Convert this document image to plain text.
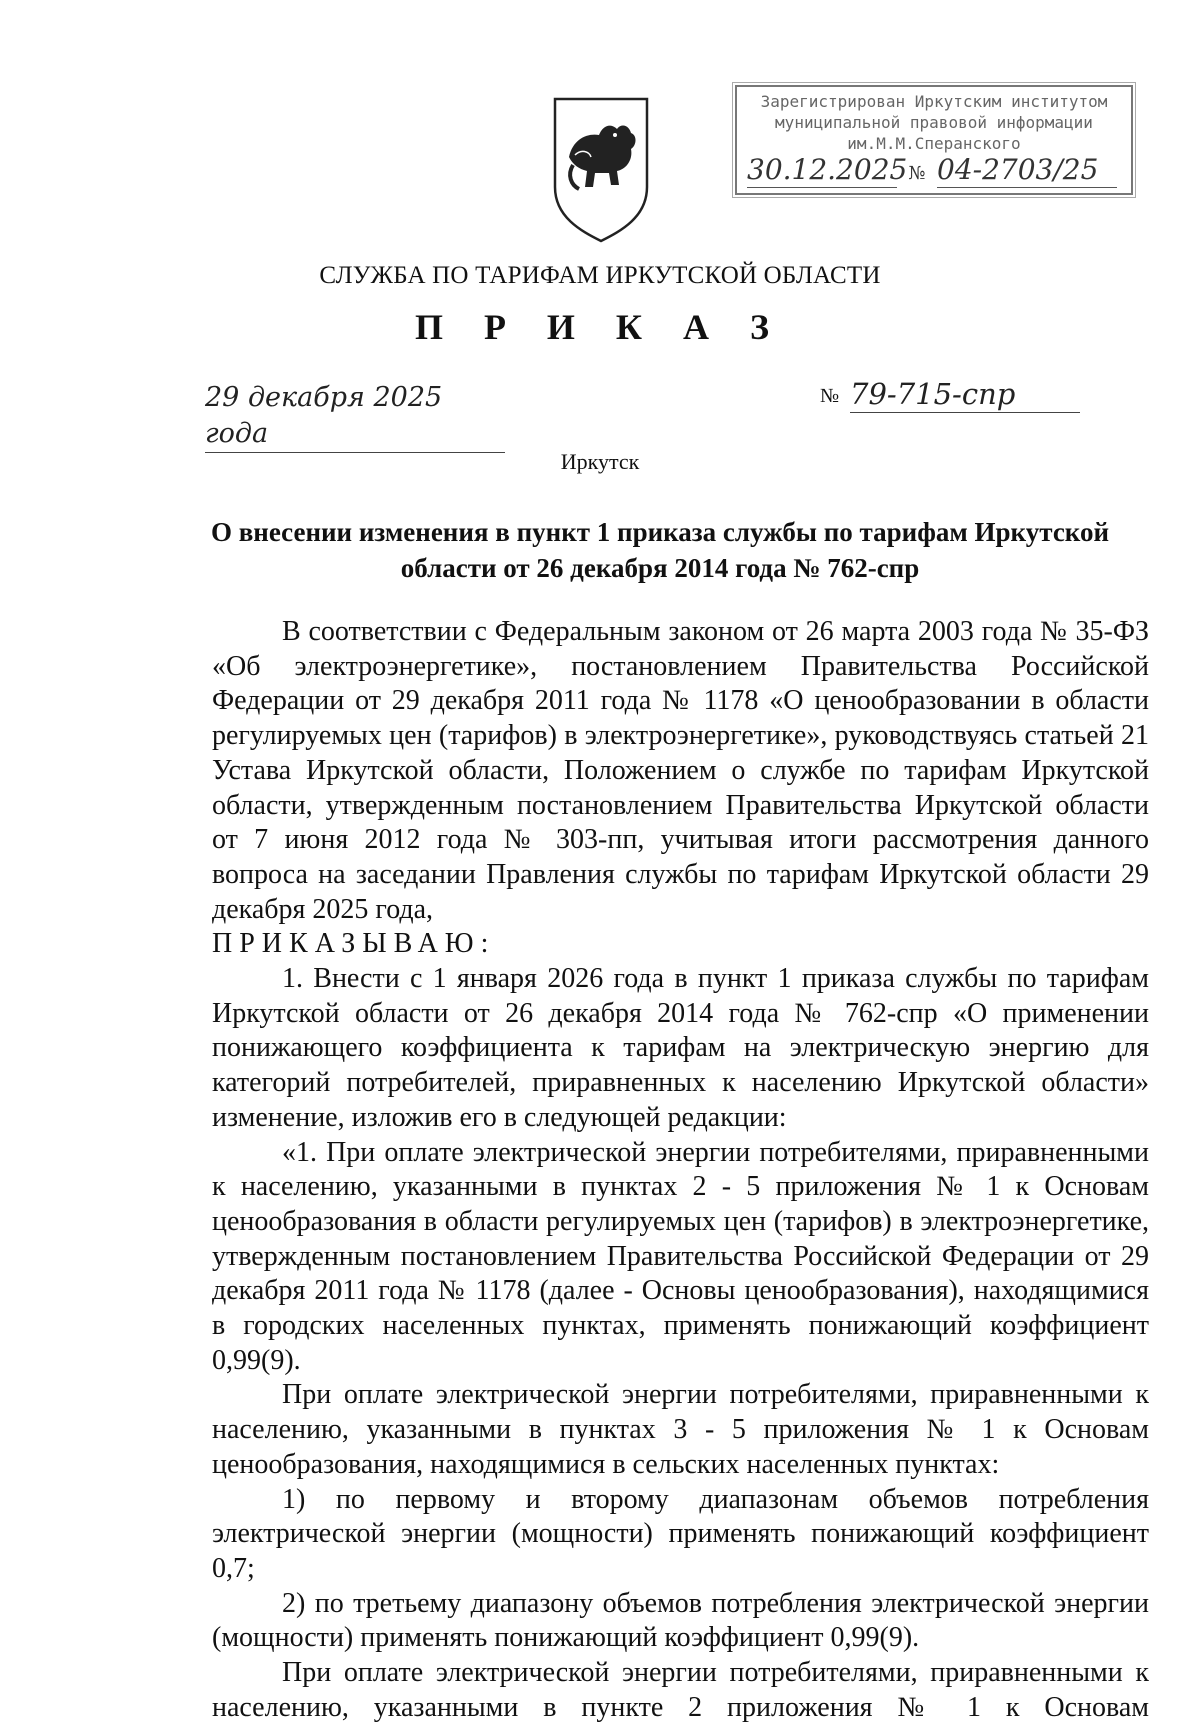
Зарегистрирован Иркутским институтом
муниципальной правовой информации
им.М.М.Сперанского
30.12.2025№ 04-2703/25
СЛУЖБА ПО ТАРИФАМ ИРКУТСКОЙ ОБЛАСТИ
П Р И К А З
29 декабря 2025 года
№ 79-715-спр
Иркутск
О внесении изменения в пункт 1 приказа службы по тарифам Иркутской области от 26 декабря 2014 года № 762-спр

В соответствии с Федеральным законом от 26 марта 2003 года № 35-ФЗ «Об электроэнергетике», постановлением Правительства Российской Федерации от 29 декабря 2011 года № 1178 «О ценообразовании в области регулируемых цен (тарифов) в электроэнергетике», руководствуясь статьей 21 Устава Иркутской области, Положением о службе по тарифам Иркутской области, утвержденным постановлением Правительства Иркутской области от 7 июня 2012 года № 303-пп, учитывая итоги рассмотрения данного вопроса на заседании Правления службы по тарифам Иркутской области 29 декабря 2025 года,

ПРИКАЗЫВАЮ:

1. Внести с 1 января 2026 года в пункт 1 приказа службы по тарифам Иркутской области от 26 декабря 2014 года № 762-спр «О применении понижающего коэффициента к тарифам на электрическую энергию для категорий потребителей, приравненных к населению Иркутской области» изменение, изложив его в следующей редакции:

«1. При оплате электрической энергии потребителями, приравненными к населению, указанными в пунктах 2 - 5 приложения № 1 к Основам ценообразования в области регулируемых цен (тарифов) в электроэнергетике, утвержденным постановлением Правительства Российской Федерации от 29 декабря 2011 года № 1178 (далее - Основы ценообразования), находящимися в городских населенных пунктах, применять понижающий коэффициент 0,99(9).

При оплате электрической энергии потребителями, приравненными к населению, указанными в пунктах 3 - 5 приложения № 1 к Основам ценообразования, находящимися в сельских населенных пунктах:

1) по первому и второму диапазонам объемов потребления электрической энергии (мощности) применять понижающий коэффициент 0,7;

2) по третьему диапазону объемов потребления электрической энергии (мощности) применять понижающий коэффициент 0,99(9).

При оплате электрической энергии потребителями, приравненными к населению, указанными в пункте 2 приложения № 1 к Основам
